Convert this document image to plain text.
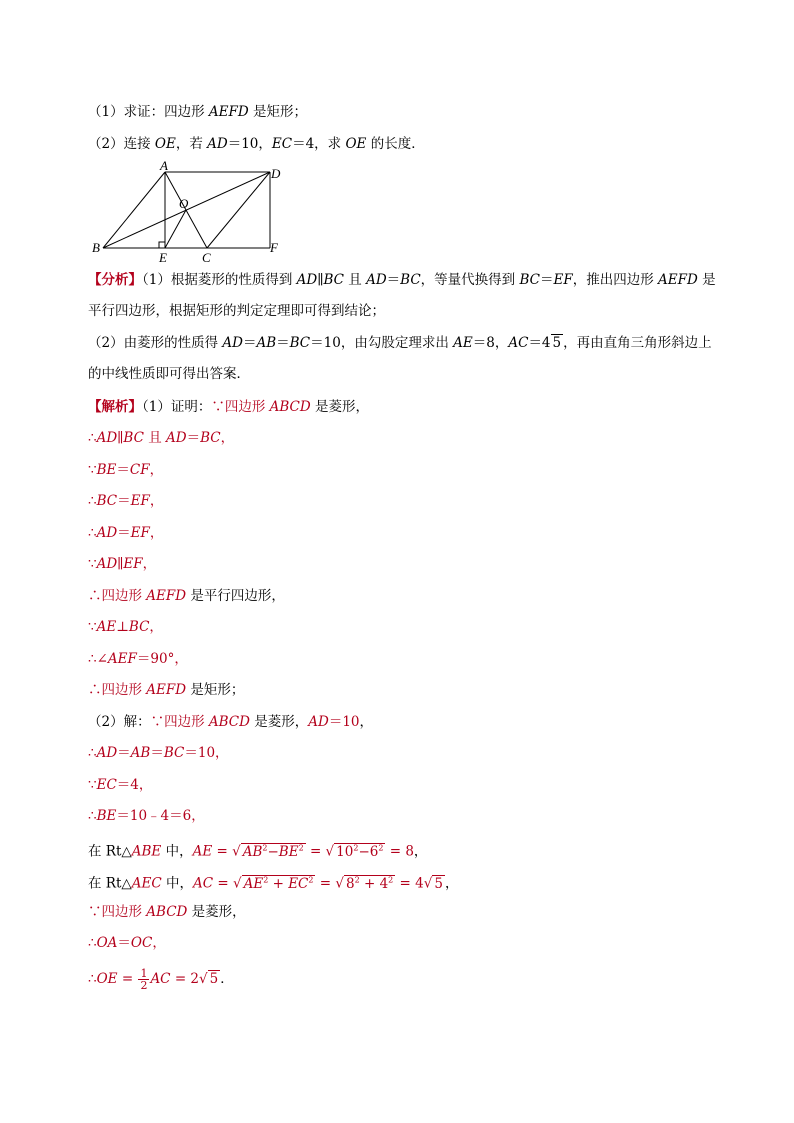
（1）求证：四边形 AEFD 是矩形；
（2）连接 OE，若 AD＝10，EC＝4，求 OE 的长度．
A
D
O
B
E	C
F
【分析】（1）根据菱形的性质得到 AD∥BC 且 AD＝BC，等量代换得到 BC＝EF，推出四边形 AEFD 是平行四边形，根据矩形的判定定理即可得到结论；
（2）由菱形的性质得 AD＝AB＝BC＝10，由勾股定理求出 AE＝8，AC＝4 5 ，再由直角三角形斜边上的中线性质即可得出答案．
【解析】（1）证明：∵四边形 ABCD 是菱形，
∴AD∥BC 且 AD＝BC，
∵BE＝CF，
∴BC＝EF，
∴AD＝EF，
∵AD∥EF，
∴四边形 AEFD 是平行四边形，
∵AE⊥BC，
∴∠AEF＝90°，
∴四边形 AEFD 是矩形；
（2）解：∵四边形 ABCD 是菱形，AD＝10，
∴AD＝AB＝BC＝10，
∵EC＝4，
∴BE＝10﹣4＝6，
在 Rt△ABE 中，AE = √ $AB^2-BE^2$ = √ $10^2-6^2 = 8$，
在 Rt△AEC 中，AC = √ $AE^2 + EC^2$ = √ $8^2 + 4^2 = 4√$ 5 ，
∵四边形 ABCD 是菱形，
∴OA＝OC，
∴OE = $\frac{1}{2}$ AC = 2√ 5 ．
